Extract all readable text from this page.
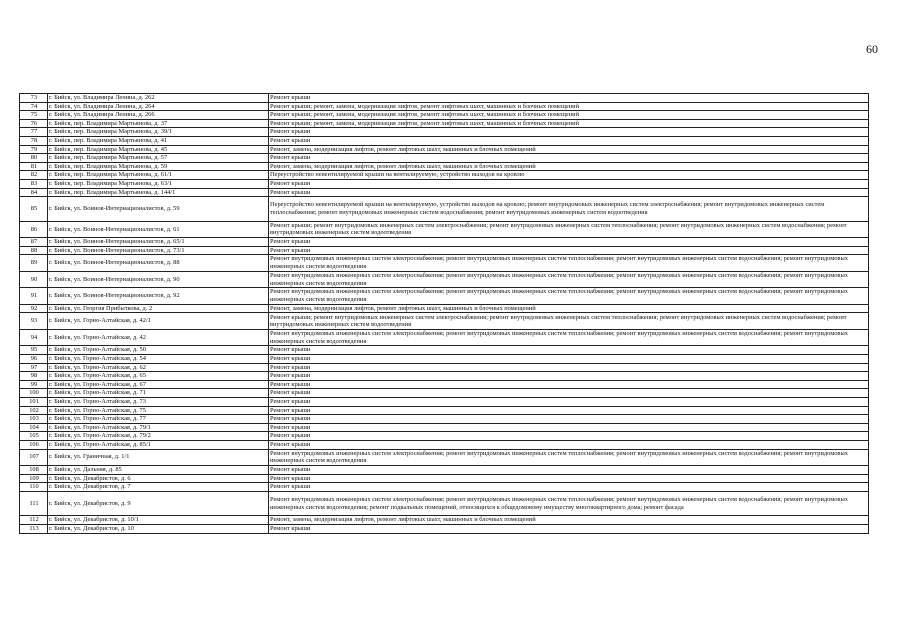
60
73	г. Бийск, ул. Владимира Ленина, д. 262	Ремонт крыши
74	г. Бийск, ул. Владимира Ленина, д. 264	Ремонт крыши; ремонт, замена, модернизация лифтов, ремонт лифтовых шахт, машинных и блочных помещений
75	г. Бийск, ул. Владимира Ленина, д. 266	Ремонт крыши; ремонт, замена, модернизация лифтов, ремонт лифтовых шахт, машинных и блочных помещений
76	г. Бийск, пер. Владимира Мартьянова, д. 37	Ремонт крыши; ремонт, замена, модернизация лифтов, ремонт лифтовых шахт, машинных и блочных помещений
77	г. Бийск, пер. Владимира Мартьянова, д. 39/1	Ремонт крыши
78	г. Бийск, пер. Владимира Мартьянова, д. 41	Ремонт крыши
79	г. Бийск, пер. Владимира Мартьянова, д. 45	Ремонт, замена, модернизация лифтов, ремонт лифтовых шахт, машинных и блочных помещений
80	г. Бийск, пер. Владимира Мартьянова, д. 57	Ремонт крыши
81	г. Бийск, пер. Владимира Мартьянова, д. 59	Ремонт, замена, модернизация лифтов, ремонт лифтовых шахт, машинных и блочных помещений
82	г. Бийск, пер. Владимира Мартьянова, д. 61/1	Переустройство невентилируемой крыши на вентилируемую, устройство выходов на кровлю
83	г. Бийск, пер. Владимира Мартьянова, д. 63/1	Ремонт крыши
84	г. Бийск, пер. Владимира Мартьянова, д. 144/1	Ремонт крыши
85	г. Бийск, ул. Воинов-Интернационалистов, д. 59	Переустройство невентилируемой крыши на вентилируемую, устройство выходов на кровлю; ремонт внутридомовых инженерных систем электроснабжения; ремонт внутридомовых инженерных систем теплоснабжения; ремонт внутридомовых инженерных систем водоснабжения; ремонт внутридомовых инженерных систем водоотведения
86	г. Бийск, ул. Воинов-Интернационалистов, д. 61	Ремонт крыши; ремонт внутридомовых инженерных систем электроснабжения; ремонт внутридомовых инженерных систем теплоснабжения; ремонт внутридомовых инженерных систем водоснабжения; ремонт внутридомовых инженерных систем водоотведения
87	г. Бийск, ул. Воинов-Интернационалистов, д. 65/1	Ремонт крыши
88	г. Бийск, ул. Воинов-Интернационалистов, д. 73/1	Ремонт крыши
89	г. Бийск, ул. Воинов-Интернационалистов, д. 88	Ремонт внутридомовых инженерных систем электроснабжения; ремонт внутридомовых инженерных систем теплоснабжения; ремонт внутридомовых инженерных систем водоснабжения; ремонт внутридомовых инженерных систем водоотведения
90	г. Бийск, ул. Воинов-Интернационалистов, д. 90	Ремонт внутридомовых инженерных систем электроснабжения; ремонт внутридомовых инженерных систем теплоснабжения; ремонт внутридомовых инженерных систем водоснабжения; ремонт внутридомовых инженерных систем водоотведения
91	г. Бийск, ул. Воинов-Интернационалистов, д. 92	Ремонт внутридомовых инженерных систем электроснабжения; ремонт внутридомовых инженерных систем теплоснабжения; ремонт внутридомовых инженерных систем водоснабжения; ремонт внутридомовых инженерных систем водоотведения
92	г. Бийск, ул. Георгия Прибыткова, д. 2	Ремонт, замена, модернизация лифтов, ремонт лифтовых шахт, машинных и блочных помещений
93	г. Бийск, ул. Горно-Алтайская, д. 42/1	Ремонт крыши; ремонт внутридомовых инженерных систем электроснабжения; ремонт внутридомовых инженерных систем теплоснабжения; ремонт внутридомовых инженерных систем водоснабжения; ремонт внутридомовых инженерных систем водоотведения
94	г. Бийск, ул. Горно-Алтайская, д. 42	Ремонт внутридомовых инженерных систем электроснабжения; ремонт внутридомовых инженерных систем теплоснабжения; ремонт внутридомовых инженерных систем водоснабжения; ремонт внутридомовых инженерных систем водоотведения
95	г. Бийск, ул. Горно-Алтайская, д. 50	Ремонт крыши
96	г. Бийск, ул. Горно-Алтайская, д. 54	Ремонт крыши
97	г. Бийск, ул. Горно-Алтайская, д. 62	Ремонт крыши
98	г. Бийск, ул. Горно-Алтайская, д. 65	Ремонт крыши
99	г. Бийск, ул. Горно-Алтайская, д. 67	Ремонт крыши
100	г. Бийск, ул. Горно-Алтайская, д. 71	Ремонт крыши
101	г. Бийск, ул. Горно-Алтайская, д. 73	Ремонт крыши
102	г. Бийск, ул. Горно-Алтайская, д. 75	Ремонт крыши
103	г. Бийск, ул. Горно-Алтайская, д. 77	Ремонт крыши
104	г. Бийск, ул. Горно-Алтайская, д. 79/1	Ремонт крыши
105	г. Бийск, ул. Горно-Алтайская, д. 79/2	Ремонт крыши
106	г. Бийск, ул. Горно-Алтайская, д. 85/1	Ремонт крыши
107	г. Бийск, ул. Граничная, д. 1/1	Ремонт внутридомовых инженерных систем электроснабжения; ремонт внутридомовых инженерных систем теплоснабжения; ремонт внутридомовых инженерных систем водоснабжения; ремонт внутридомовых инженерных систем водоотведения
108	г. Бийск, ул. Дальняя, д. 85	Ремонт крыши
109	г. Бийск, ул. Декабристов, д. 6	Ремонт крыши
110	г. Бийск, ул. Декабристов, д. 7	Ремонт крыши
111	г. Бийск, ул. Декабристов, д. 9	Ремонт внутридомовых инженерных систем электроснабжения; ремонт внутридомовых инженерных систем теплоснабжения; ремонт внутридомовых инженерных систем водоснабжения; ремонт внутридомовых инженерных систем водоотведения; ремонт подвальных помещений, относящихся к общедомовому имуществу многоквартирного дома; ремонт фасада
112	г. Бийск, ул. Декабристов, д. 10/1	Ремонт, замена, модернизация лифтов, ремонт лифтовых шахт, машинных и блочных помещений
113	г. Бийск, ул. Декабристов, д. 10	Ремонт крыши
